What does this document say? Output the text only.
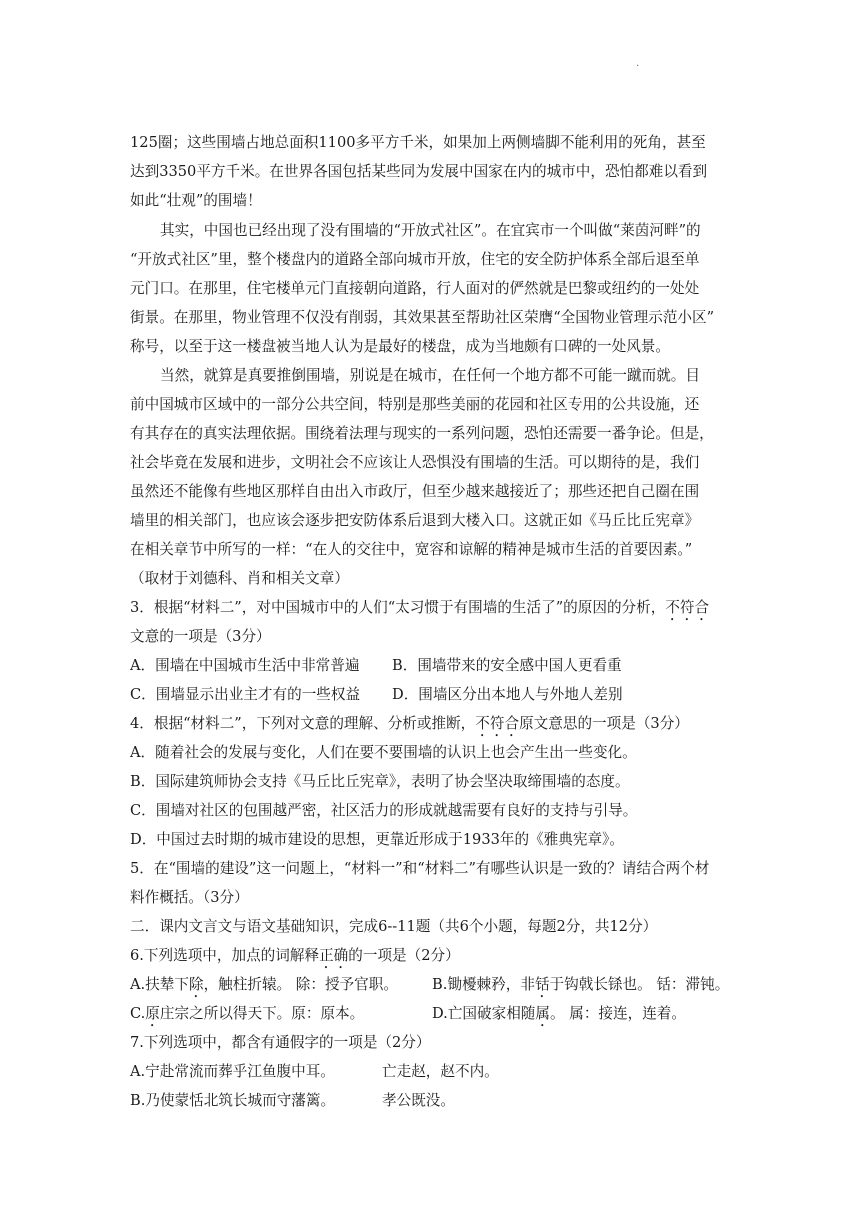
.
125圈；这些围墙占地总面积1100多平方千米，如果加上两侧墙脚不能利用的死角，甚至
达到3350平方千米。在世界各国包括某些同为发展中国家在内的城市中，恐怕都难以看到
如此“壮观”的围墙！
其实，中国也已经出现了没有围墙的“开放式社区”。在宜宾市一个叫做“莱茵河畔”的
“开放式社区”里，整个楼盘内的道路全部向城市开放，住宅的安全防护体系全部后退至单
元门口。在那里，住宅楼单元门直接朝向道路，行人面对的俨然就是巴黎或纽约的一处处
街景。在那里，物业管理不仅没有削弱，其效果甚至帮助社区荣膺“全国物业管理示范小区”
称号，以至于这一楼盘被当地人认为是最好的楼盘，成为当地颇有口碑的一处风景。
当然，就算是真要推倒围墙，别说是在城市，在任何一个地方都不可能一蹴而就。目
前中国城市区域中的一部分公共空间，特别是那些美丽的花园和社区专用的公共设施，还
有其存在的真实法理依据。围绕着法理与现实的一系列问题，恐怕还需要一番争论。但是，
社会毕竟在发展和进步，文明社会不应该让人恐惧没有围墙的生活。可以期待的是，我们
虽然还不能像有些地区那样自由出入市政厅，但至少越来越接近了；那些还把自己圈在围
墙里的相关部门，也应该会逐步把安防体系后退到大楼入口。这就正如《马丘比丘宪章》
在相关章节中所写的一样：“在人的交往中，宽容和谅解的精神是城市生活的首要因素。”
（取材于刘德科、肖和相关文章）
3．根据“材料二”，对中国城市中的人们“太习惯于有围墙的生活了”的原因的分析，不符合
文意的一项是（3分）
A．围墙在中国城市生活中非常普遍 B．围墙带来的安全感中国人更看重
C．围墙显示出业主才有的一些权益 D．围墙区分出本地人与外地人差别
4．根据“材料二”，下列对文意的理解、分析或推断，不符合原文意思的一项是（3分）
A．随着社会的发展与变化，人们在要不要围墙的认识上也会产生出一些变化。
B．国际建筑师协会支持《马丘比丘宪章》，表明了协会坚决取缔围墙的态度。
C．围墙对社区的包围越严密，社区活力的形成就越需要有良好的支持与引导。
D．中国过去时期的城市建设的思想，更靠近形成于1933年的《雅典宪章》。
5．在“围墙的建设”这一问题上，“材料一”和“材料二”有哪些认识是一致的？请结合两个材
料作概括。（3分）
二．课内文言文与语文基础知识，完成6--11题（共6个小题，每题2分，共12分）
6.下列选项中，加点的词解释正确的一项是（2分）
A.扶辇下除，触柱折辕。 除：授予官职。 B.锄櫌棘矜，非铦于钩戟长铩也。 铦：滞钝。
C.原庄宗之所以得天下。原：原本。	D.亡国破家相随属。 属：接连，连着。
7.下列选项中，都含有通假字的一项是（2分）
A.宁赴常流而葬乎江鱼腹中耳。	亡走赵，赵不内。
B.乃使蒙恬北筑长城而守藩篱。	孝公既没。
